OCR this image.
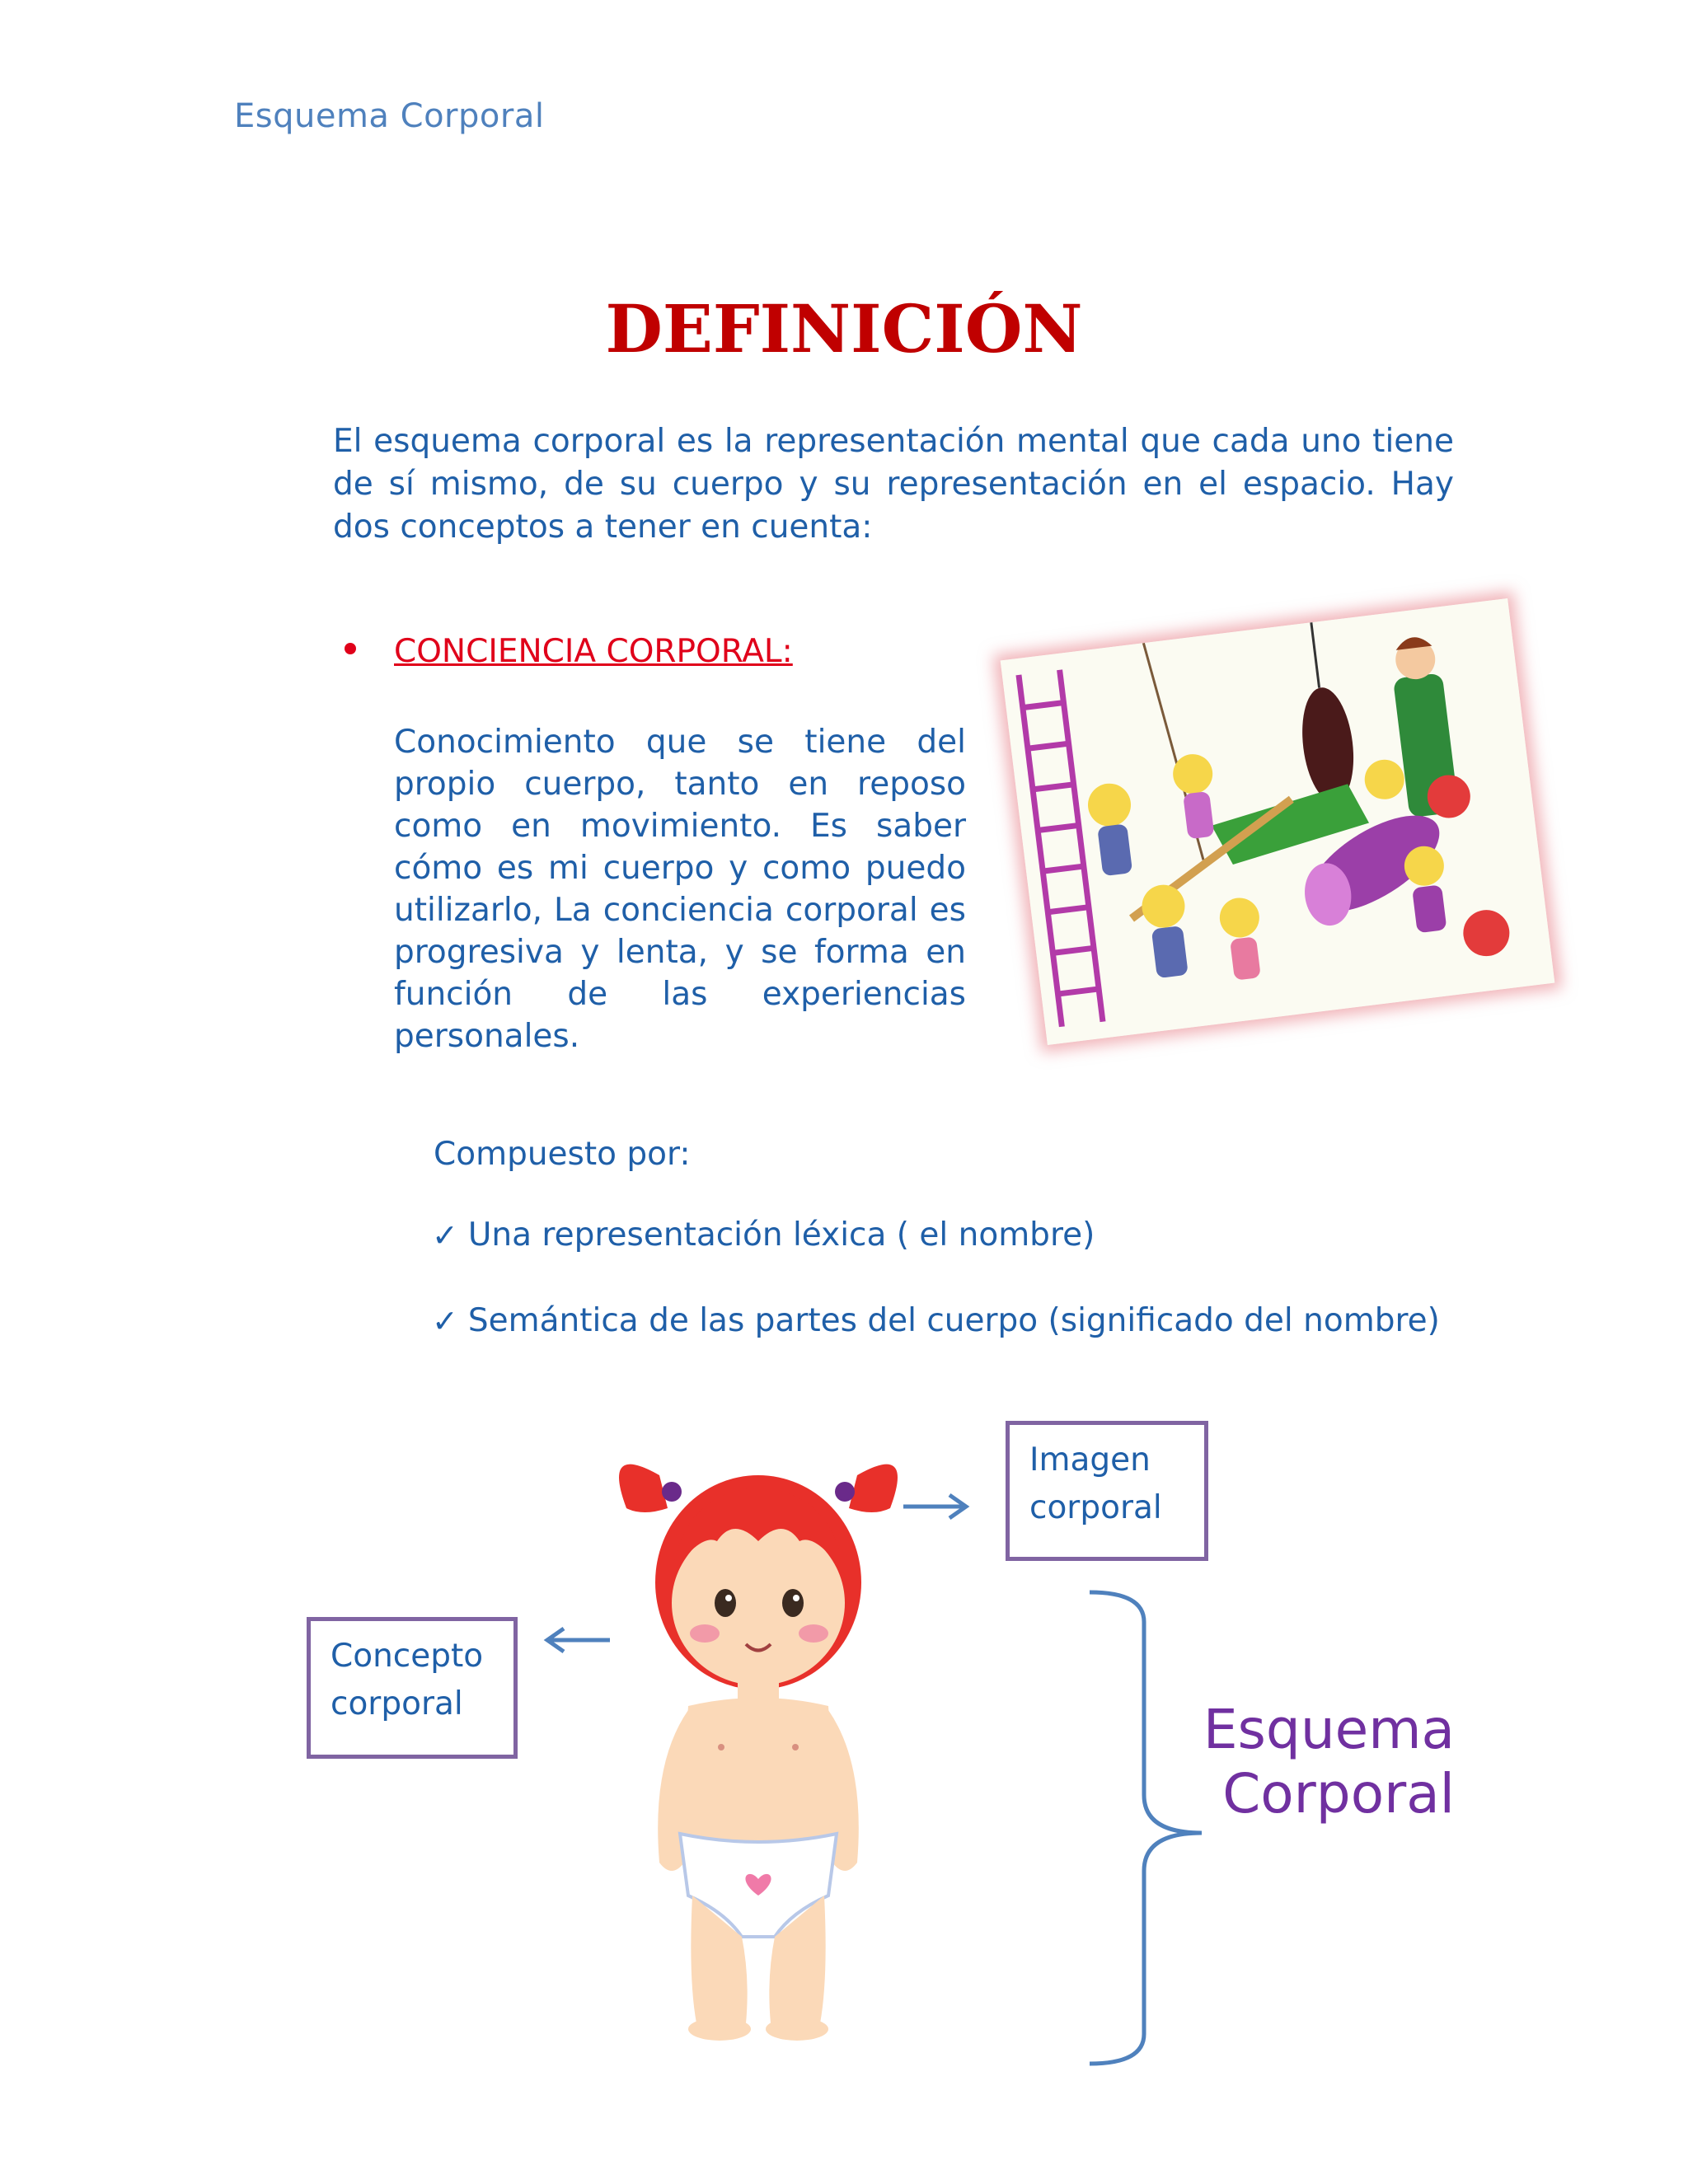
Esquema Corporal
DEFINICIÓN

El esquema corporal es la representación mental que cada uno tiene de sí mismo, de su cuerpo y su representación en el espacio. Hay dos conceptos a tener en cuenta:

CONCIENCIA CORPORAL:

Conocimiento que se tiene del propio cuerpo, tanto en reposo como en movimiento. Es saber cómo es mi cuerpo y como puedo utilizarlo, La conciencia corporal es progresiva y lenta, y se forma en función de las experiencias personales.

Compuesto por:
✓ Una representación léxica ( el nombre)
✓ Semántica de las partes del cuerpo (significado del nombre)
Imagen
corporal
Concepto
corporal	Esquema
Corporal
